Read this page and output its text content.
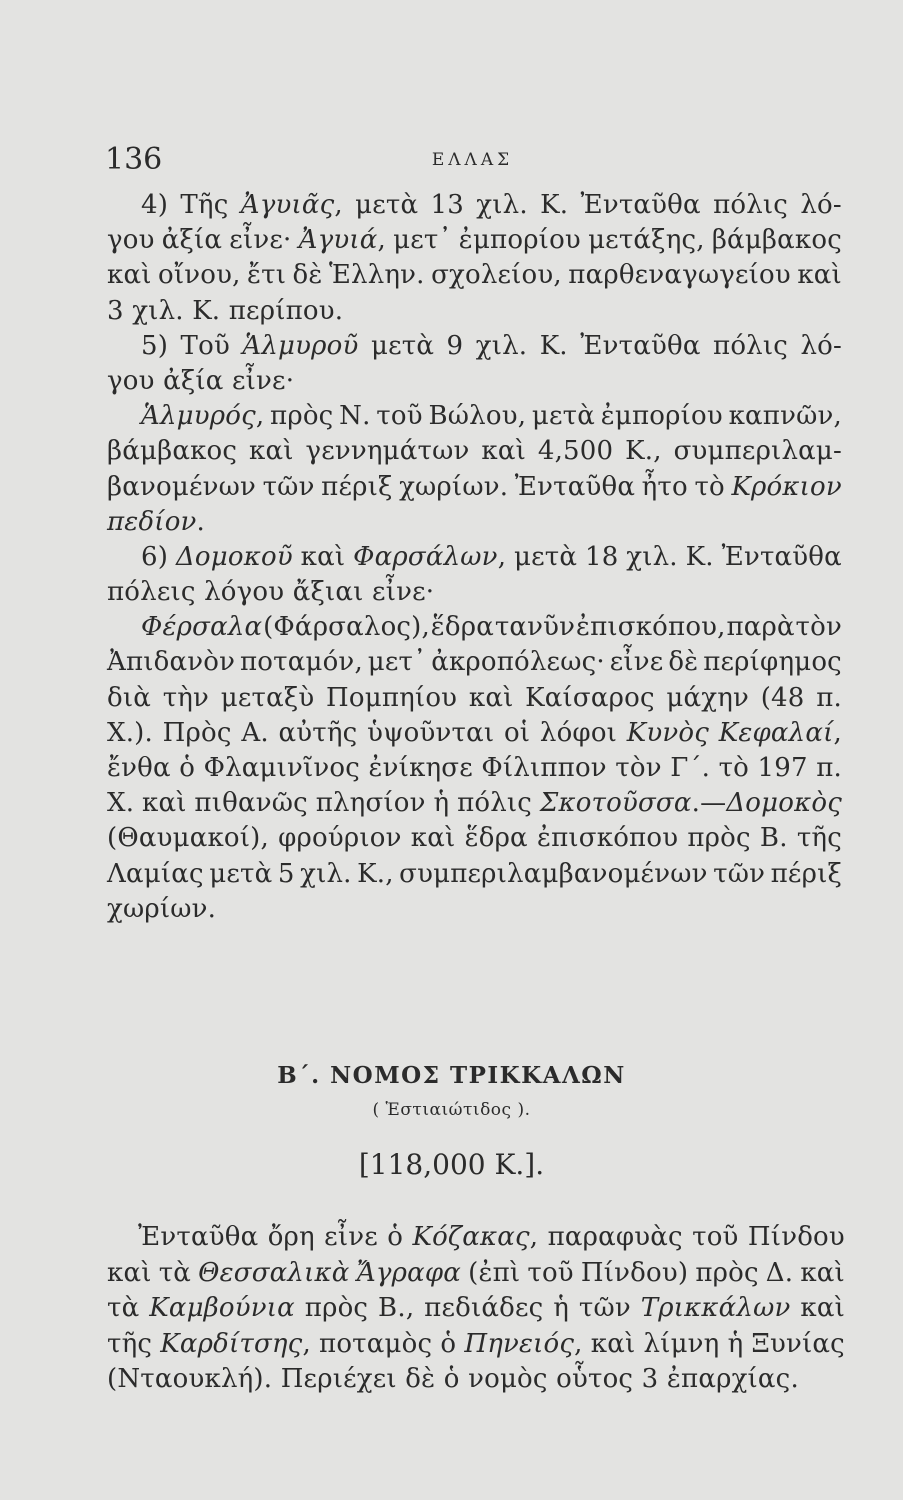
136	ΕΛΛΑΣ
4) Τῆς Ἀγυιᾶς, μετὰ 13 χιλ. Κ. Ἐνταῦθα πόλις λό-
γου ἀξία εἶνε· Ἀγυιά, μετ᾽ ἐμπορίου μετάξης, βάμβακος
καὶ οἴνου, ἔτι δὲ Ἑλλην. σχολείου, παρθεναγωγείου καὶ
3
χιλ.
Κ.
περίπου.

5) Τοῦ Ἁλμυροῦ μετὰ 9 χιλ. Κ. Ἐνταῦθα πόλις λό-
γου
ἀξία
εἶνε·

Ἁλμυρός, πρὸς Ν. τοῦ Βώλου, μετὰ ἐμπορίου καπνῶν,
βάμβακος καὶ γεννημάτων καὶ 4,500 Κ., συμπεριλαμ-
βανομένων τῶν πέριξ χωρίων. Ἐνταῦθα ἦτο τὸ Κρόκιον
πεδίον.

6) Δομοκοῦ καὶ Φαρσάλων, μετὰ 18 χιλ. Κ. Ἐνταῦθα
πόλεις
λόγου
ἄξιαι
εἶνε·

Φέρσαλα (Φάρσαλος), ἕδρα τανῦν ἐπισκόπου, παρὰ τὸν
Ἀπιδανὸν ποταμόν, μετ᾽ ἀκροπόλεως· εἶνε δὲ περίφημος
διὰ τὴν μεταξὺ Πομπηίου καὶ Καίσαρος μάχην (48 π.
Χ.). Πρὸς Α. αὐτῆς ὑψοῦνται οἱ λόφοι Κυνὸς Κεφαλαί,
ἔνθα ὁ Φλαμινῖνος ἐνίκησε Φίλιππον τὸν Γ΄. τὸ 197 π.
Χ. καὶ πιθανῶς πλησίον ἡ πόλις Σκοτοῦσσα.—Δομοκὸς
(Θαυμακοί), φρούριον καὶ ἕδρα ἐπισκόπου πρὸς Β. τῆς
Λαμίας μετὰ 5 χιλ. Κ., συμπεριλαμβανομένων τῶν πέριξ
χωρίων.

Β΄. ΝΟΜΟΣ ΤΡΙΚΚΑΛΩΝ
( Ἑστιαιώτιδος ).
[118,000 Κ.].
Ἐνταῦθα ὄρη εἶνε ὁ Κόζακας, παραφυὰς τοῦ Πίνδου
καὶ τὰ Θεσσαλικὰ Ἄγραφα (ἐπὶ τοῦ Πίνδου) πρὸς Δ. καὶ
τὰ Καμβούνια πρὸς Β., πεδιάδες ἡ τῶν Τρικκάλων καὶ
τῆς Καρδίτσης, ποταμὸς ὁ Πηνειός, καὶ λίμνη ἡ Ξυνίας
(Νταουκλή).
Περιέχει
δὲ
ὁ
νομὸς
οὗτος
3
ἐπαρχίας.
